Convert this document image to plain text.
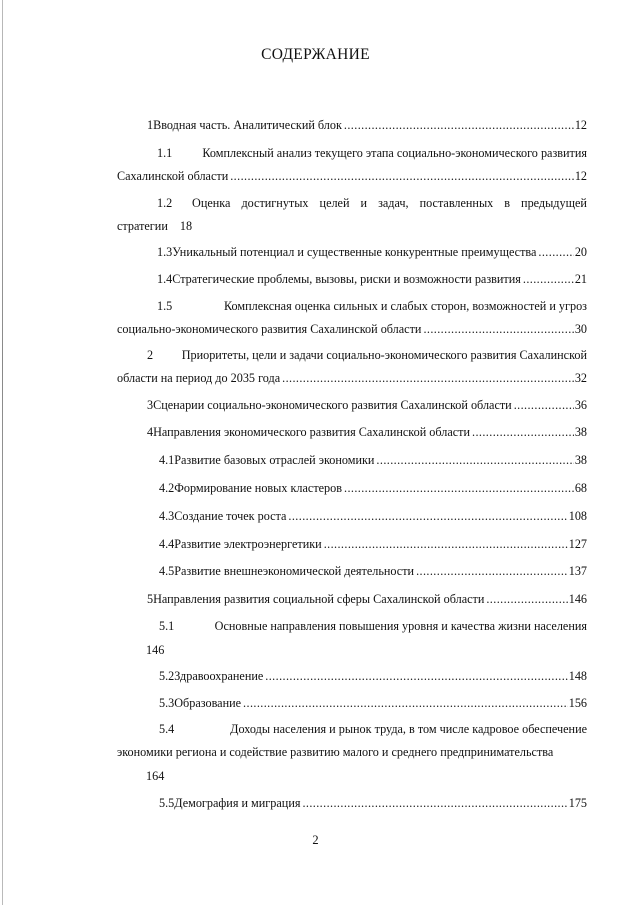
СОДЕРЖАНИЕ
1 Вводная часть. Аналитический блок .....	12
1.1	Комплексный анализ текущего этапа социально-экономического развития
Сахалинской области .....	12
1.2	Оценка достигнутых целей и задач, поставленных в предыдущей
стратегии 18
1.3 Уникальный потенциал и существенные конкурентные преимущества .....	20
1.4 Стратегические проблемы, вызовы, риски и возможности развития .....	21
1.5	Комплексная оценка сильных и слабых сторон, возможностей и угроз
социально-экономического развития Сахалинской области .....	30
2	Приоритеты, цели и задачи социально-экономического развития Сахалинской
области на период до 2035 года .....	32
3 Сценарии социально-экономического развития Сахалинской области .....	36
4 Направления экономического развития Сахалинской области .....	38
4.1 Развитие базовых отраслей экономики .....	38
4.2 Формирование новых кластеров .....	68
4.3 Создание точек роста .....	108
4.4 Развитие электроэнергетики .....	127
4.5 Развитие внешнеэкономической деятельности .....	137
5 Направления развития социальной сферы Сахалинской области .....	146
5.1	Основные направления повышения уровня и качества жизни населения
146
5.2 Здравоохранение .....	148
5.3 Образование .....	156
5.4	Доходы населения и рынок труда, в том числе кадровое обеспечение
экономики региона и содействие развитию малого и среднего предпринимательства
164
5.5 Демография и миграция .....	175
2
